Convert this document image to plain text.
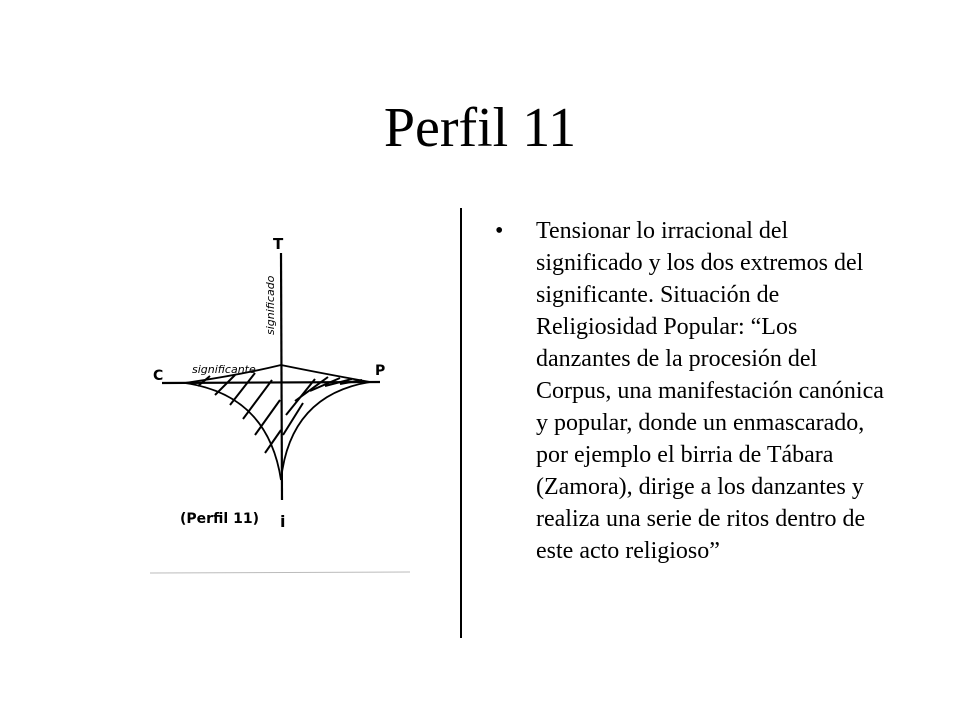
Perfil 11
T
i
C	P
significado
significante
(Perfil 11)
• Tensionar lo irracional del significado y los dos extremos del significante. Situación de Religiosidad Popular: “Los danzantes de la procesión del Corpus, una manifestación canónica y popular, donde un enmascarado, por ejemplo el birria de Tábara (Zamora), dirige a los danzantes y realiza una serie de ritos dentro de este acto religioso”
